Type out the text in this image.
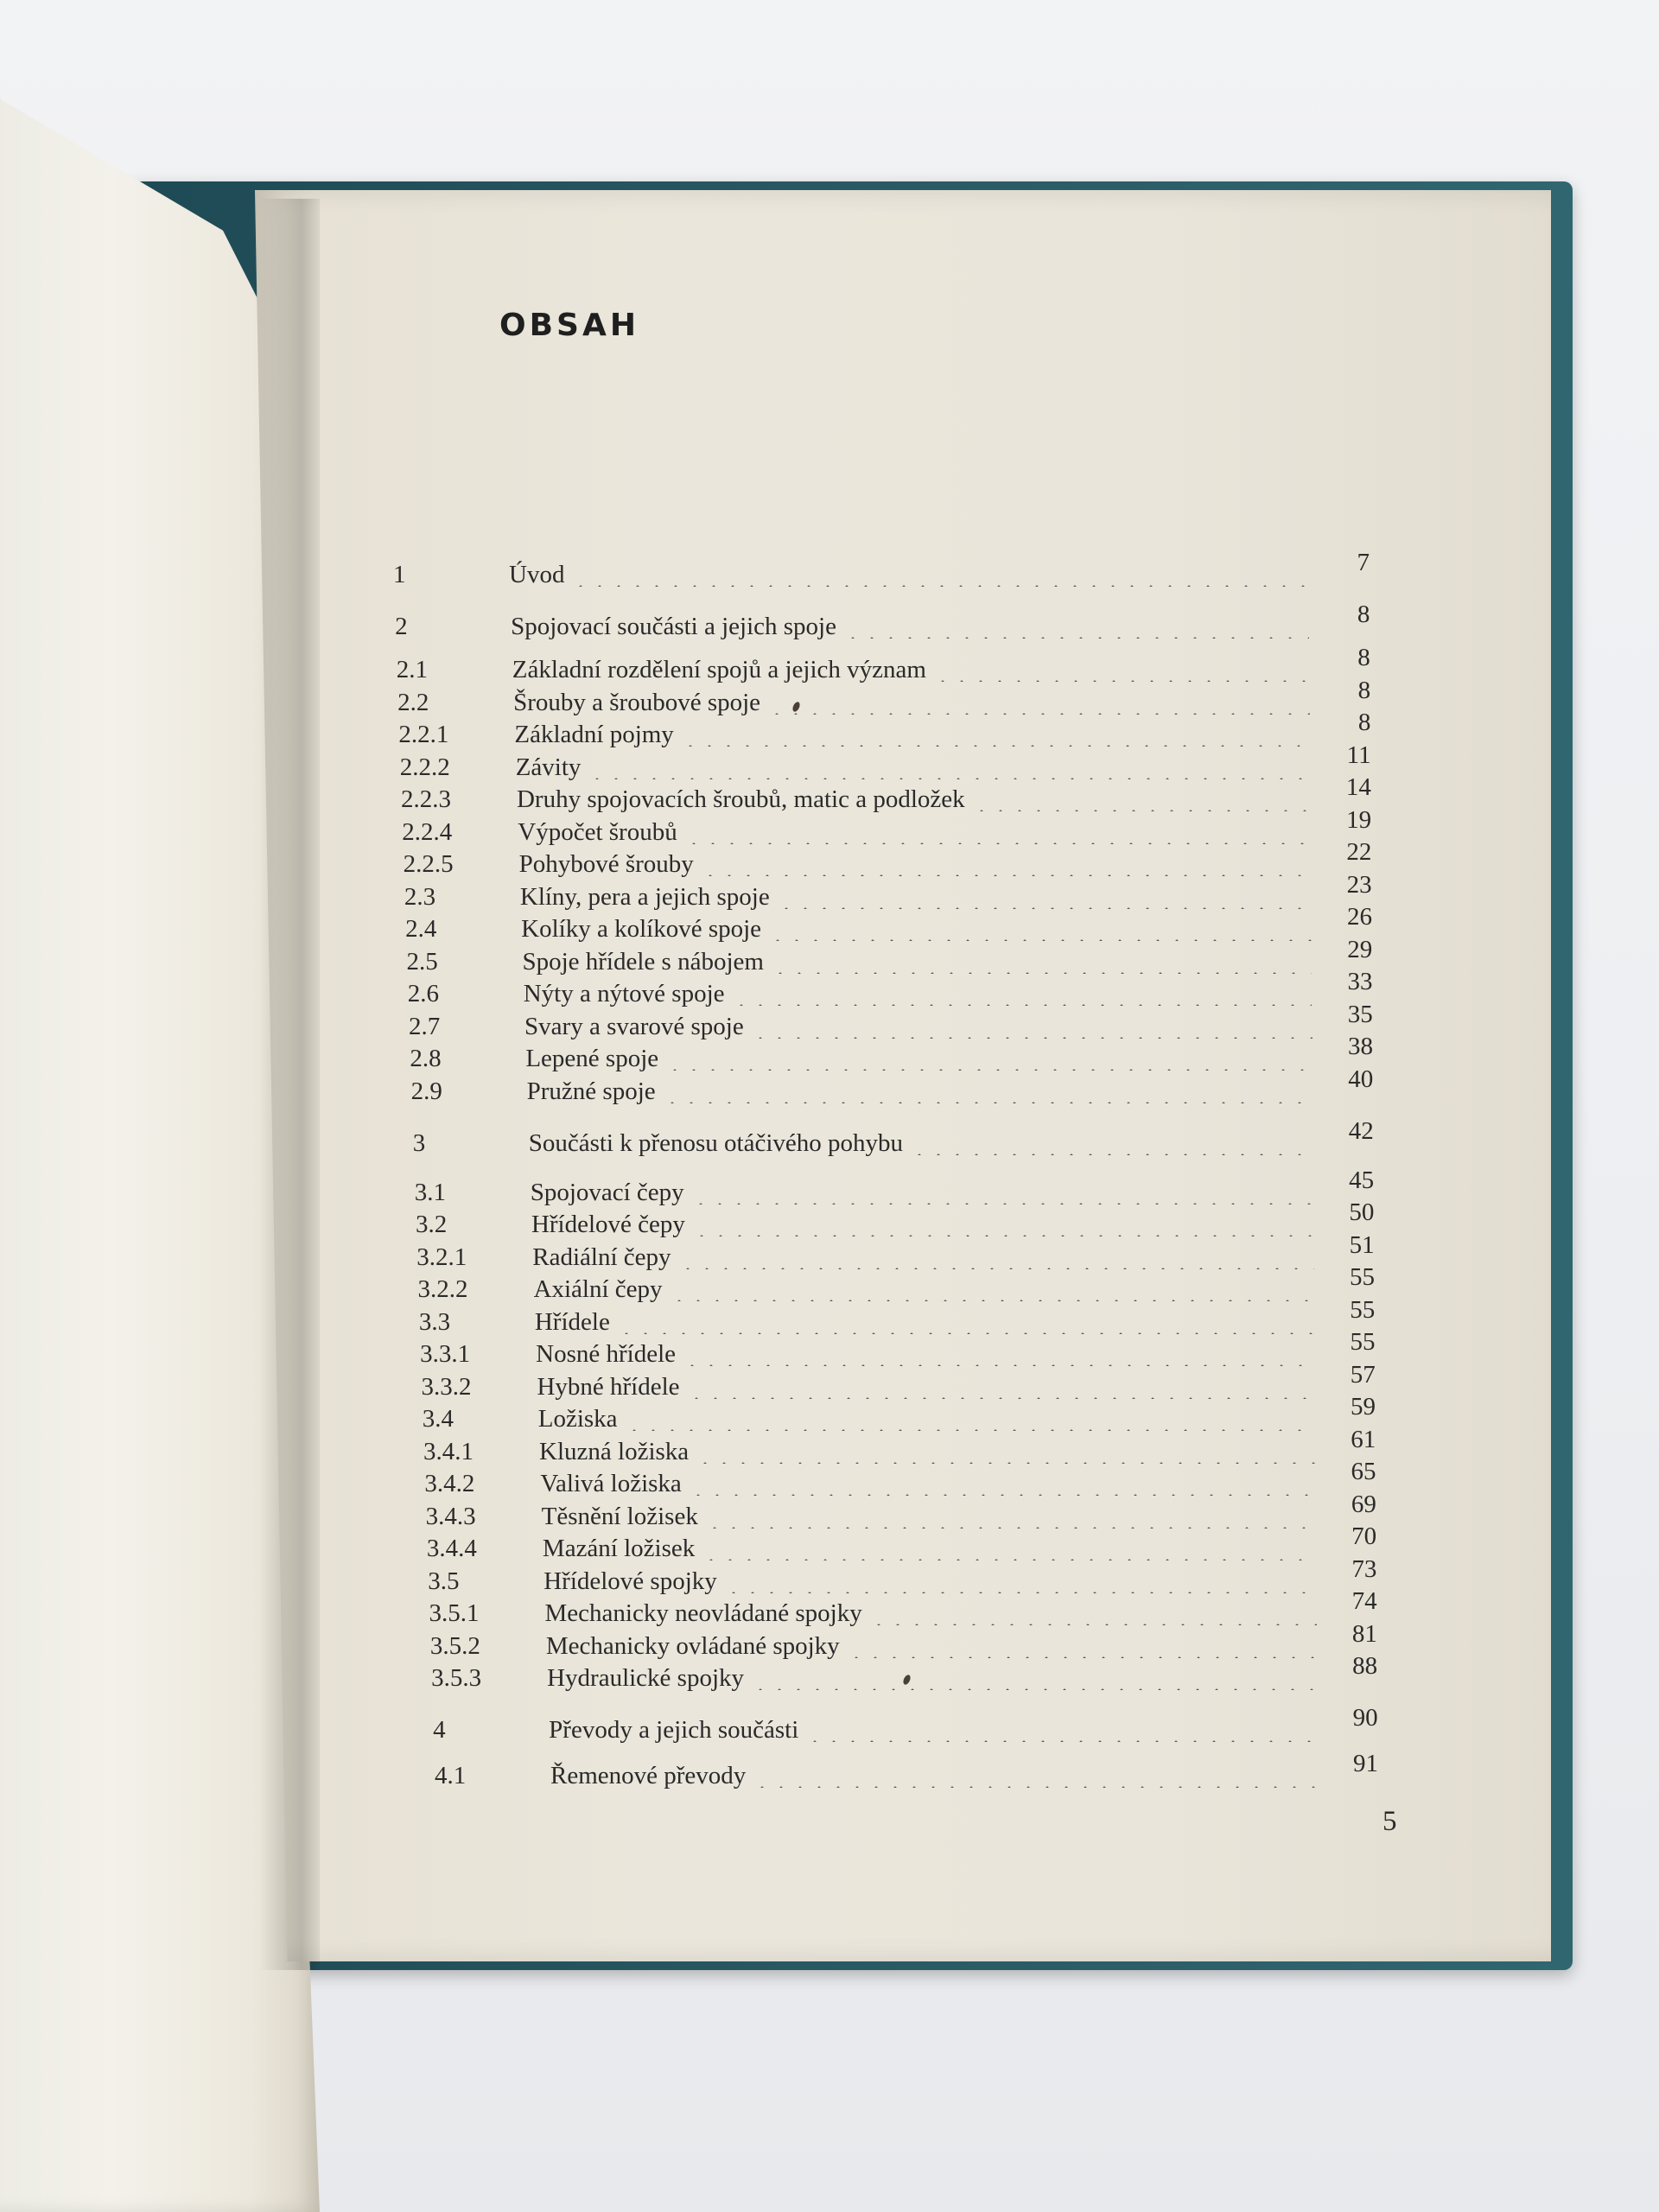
OBSAH
1	Úvod	7
2	Spojovací součásti a jejich spoje	8
2.1	Základní rozdělení spojů a jejich význam	8
2.2	Šrouby a šroubové spoje	8
2.2.1	Základní pojmy	8
2.2.2	Závity	11
2.2.3	Druhy spojovacích šroubů, matic a podložek	14
2.2.4	Výpočet šroubů	19
2.2.5	Pohybové šrouby	22
2.3	Klíny, pera a jejich spoje	23
2.4	Kolíky a kolíkové spoje	26
2.5	Spoje hřídele s nábojem	29
2.6	Nýty a nýtové spoje	33
2.7	Svary a svarové spoje	35
2.8	Lepené spoje	38
2.9	Pružné spoje	40
3	Součásti k přenosu otáčivého pohybu	42
3.1	Spojovací čepy	45
3.2	Hřídelové čepy	50
3.2.1	Radiální čepy	51
3.2.2	Axiální čepy	55
3.3	Hřídele	55
3.3.1	Nosné hřídele	55
3.3.2	Hybné hřídele	57
3.4	Ložiska	59
3.4.1	Kluzná ložiska	61
3.4.2	Valivá ložiska	65
3.4.3	Těsnění ložisek	69
3.4.4	Mazání ložisek	70
3.5	Hřídelové spojky	73
3.5.1	Mechanicky neovládané spojky	74
3.5.2	Mechanicky ovládané spojky	81
3.5.3	Hydraulické spojky	88
4	Převody a jejich součásti	90
4.1	Řemenové převody	91
5
